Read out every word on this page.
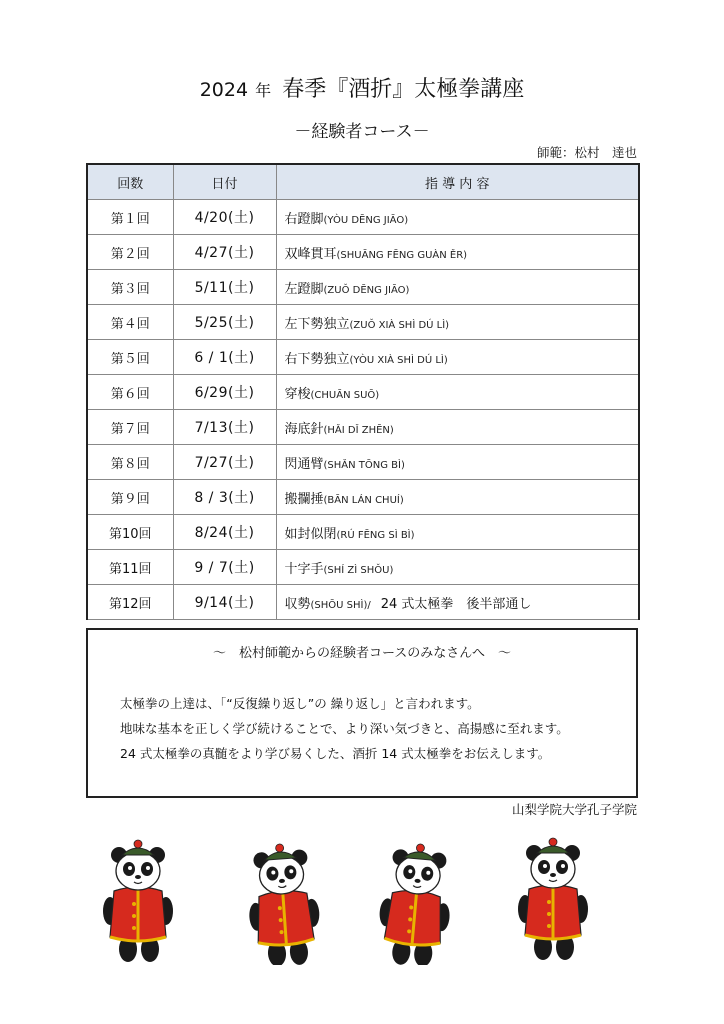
2024 年 春季『酒折』太極拳講座
－経験者コース－
師範：松村　達也
回数	日付	指 導 内 容
第１回	4/20(土)	右蹬脚(YÒU DĒNG JIĀO)
第２回	4/27(土)	双峰貫耳(SHUĀNG FĒNG GUÀN ĚR)
第３回	5/11(土)	左蹬脚(ZUǑ DĒNG JIĀO)
第４回	5/25(土)	左下勢独立(ZUǑ XIÀ SHÌ DÚ LÌ)
第５回	6 / 1(土)	右下勢独立(YÒU XIÀ SHÌ DÚ LÌ)
第６回	6/29(土)	穿梭(CHUĀN SUŌ)
第７回	7/13(土)	海底針(HǍI DǏ ZHĒN)
第８回	7/27(土)	閃通臂(SHǍN TŌNG BÌ)
第９回	8 / 3(土)	搬攔捶(BĀN LÁN CHUÍ)
第10回	8/24(土)	如封似閉(RÚ FĒNG SÌ BÌ)
第11回	9 / 7(土)	十字手(SHÍ ZÌ SHǑU)
第12回	9/14(土)	収勢(SHŌU SHÌ)/ 24 式太極拳　後半部通し
～　松村師範からの経験者コースのみなさんへ　～
太極拳の上達は、「“反復繰り返し”の 繰り返し」と言われます。
地味な基本を正しく学び続けることで、より深い気づきと、高揚感に至れます。
24 式太極拳の真髄をより学び易くした、酒折 14 式太極拳をお伝えします。
山梨学院大学孔子学院
